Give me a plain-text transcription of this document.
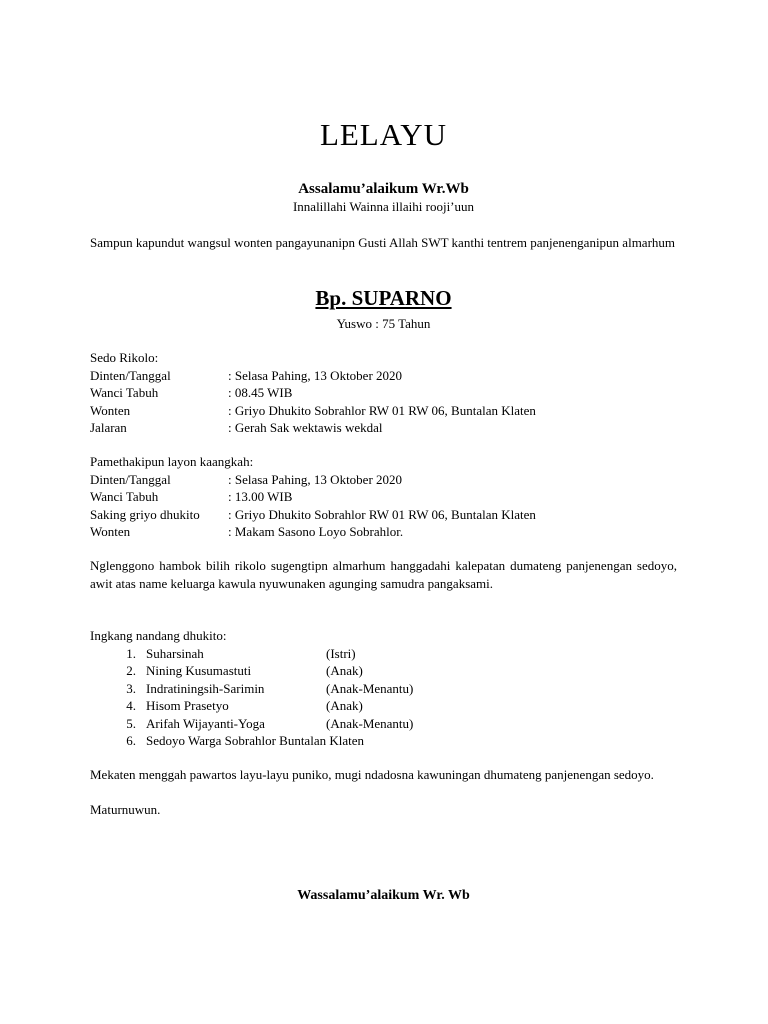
LELAYU
Assalamu’alaikum Wr.Wb
Innalillahi Wainna illaihi rooji’uun
Sampun kapundut wangsul wonten pangayunanipn Gusti Allah SWT kanthi tentrem panjenenganipun almarhum
Bp. SUPARNO
Yuswo : 75 Tahun
Sedo Rikolo:
Dinten/Tanggal	: Selasa Pahing, 13 Oktober 2020
Wanci Tabuh	: 08.45 WIB
Wonten	: Griyo Dhukito Sobrahlor RW 01 RW 06, Buntalan Klaten
Jalaran	: Gerah Sak wektawis wekdal
Pamethakipun layon kaangkah:
Dinten/Tanggal	: Selasa Pahing, 13 Oktober 2020
Wanci Tabuh	: 13.00 WIB
Saking griyo dhukito : Griyo Dhukito Sobrahlor RW 01 RW 06, Buntalan Klaten
Wonten	: Makam Sasono Loyo Sobrahlor.
Nglenggono hambok bilih rikolo sugengtipn almarhum hanggadahi kalepatan dumateng panjenengan sedoyo, awit atas name keluarga kawula nyuwunaken agunging samudra pangaksami.
Ingkang nandang dhukito:
1. Suharsinah	(Istri)
2. Nining Kusumastuti	(Anak)
3. Indratiningsih-Sarimin	(Anak-Menantu)
4. Hisom Prasetyo	(Anak)
5. Arifah Wijayanti-Yoga	(Anak-Menantu)
6. Sedoyo Warga Sobrahlor Buntalan Klaten
Mekaten menggah pawartos layu-layu puniko, mugi ndadosna kawuningan dhumateng panjenengan sedoyo.
Maturnuwun.
Wassalamu’alaikum Wr. Wb
